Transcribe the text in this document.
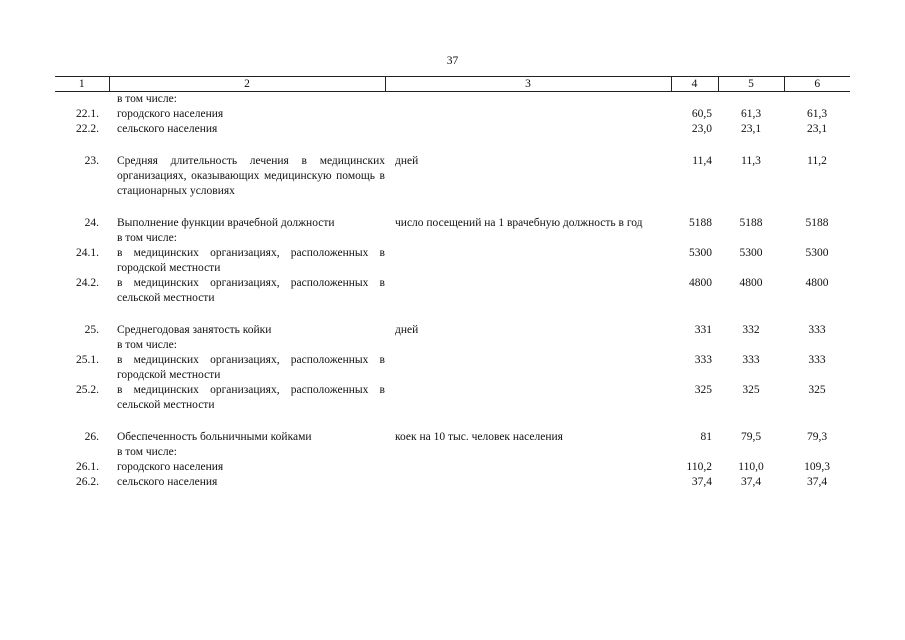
37
1	2	3	4	5	6
	в том числе:				
22.1.	городского населения		60,5	61,3	61,3
22.2.	сельского населения		23,0	23,1	23,1

23.	Средняя длительность лечения в медицинских организациях, оказывающих медицинскую помощь в стационарных условиях	дней	11,4	11,3	11,2

24.	Выполнение функции врачебной должности	число посещений на 1 врачебную должность в год	5188	5188	5188
	в том числе:				
24.1.	в медицинских организациях, расположенных в городской местности		5300	5300	5300
24.2.	в медицинских организациях, расположенных в сельской местности		4800	4800	4800

25.	Среднегодовая занятость койки	дней	331	332	333
	в том числе:				
25.1.	в медицинских организациях, расположенных в городской местности		333	333	333
25.2.	в медицинских организациях, расположенных в сельской местности		325	325	325

26.	Обеспеченность больничными койками	коек на 10 тыс. человек населения	81	79,5	79,3
	в том числе:				
26.1.	городского населения		110,2	110,0	109,3
26.2.	сельского населения		37,4	37,4	37,4
